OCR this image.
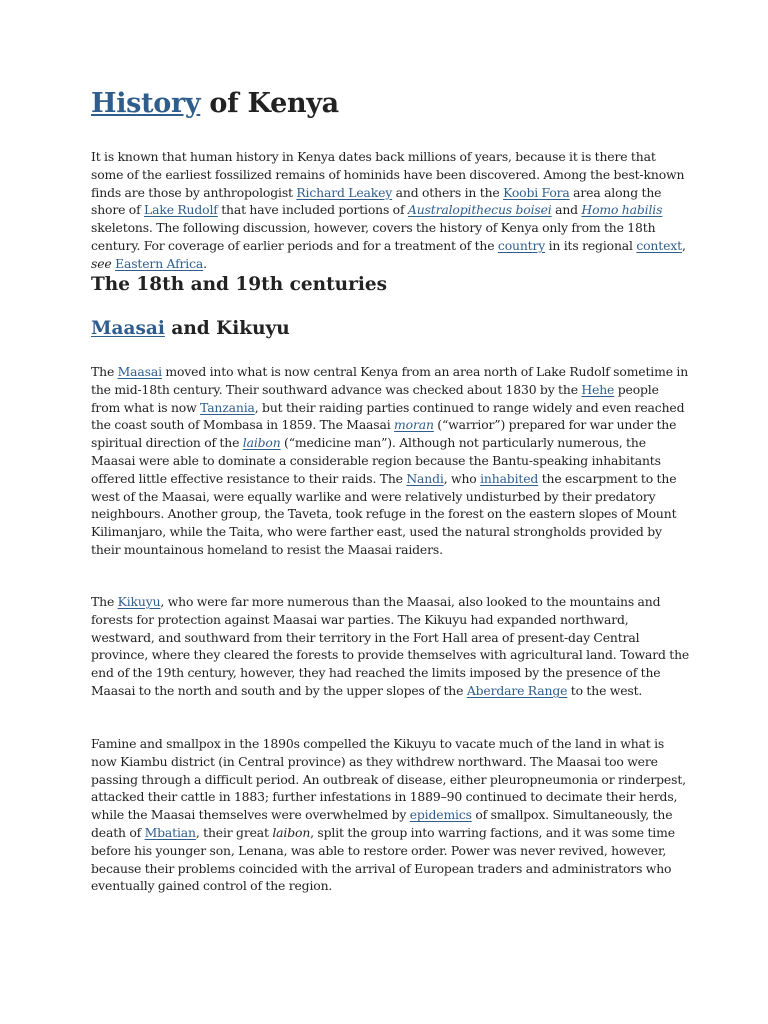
History of Kenya

It is known that human history in Kenya dates back millions of years, because it is there that some of the earliest fossilized remains of hominids have been discovered. Among the best-known finds are those by anthropologist Richard Leakey and others in the Koobi Fora area along the shore of Lake Rudolf that have included portions of Australopithecus boisei and Homo habilis skeletons. The following discussion, however, covers the history of Kenya only from the 18th century. For coverage of earlier periods and for a treatment of the country in its regional context, see Eastern Africa.

The 18th and 19th centuries
Maasai and Kikuyu

The Maasai moved into what is now central Kenya from an area north of Lake Rudolf sometime in the mid-18th century. Their southward advance was checked about 1830 by the Hehe people from what is now Tanzania, but their raiding parties continued to range widely and even reached the coast south of Mombasa in 1859. The Maasai moran (“warrior”) prepared for war under the spiritual direction of the laibon (“medicine man”). Although not particularly numerous, the Maasai were able to dominate a considerable region because the Bantu-speaking inhabitants offered little effective resistance to their raids. The Nandi, who inhabited the escarpment to the west of the Maasai, were equally warlike and were relatively undisturbed by their predatory neighbours. Another group, the Taveta, took refuge in the forest on the eastern slopes of Mount Kilimanjaro, while the Taita, who were farther east, used the natural strongholds provided by their mountainous homeland to resist the Maasai raiders.

The Kikuyu, who were far more numerous than the Maasai, also looked to the mountains and forests for protection against Maasai war parties. The Kikuyu had expanded northward, westward, and southward from their territory in the Fort Hall area of present-day Central province, where they cleared the forests to provide themselves with agricultural land. Toward the end of the 19th century, however, they had reached the limits imposed by the presence of the Maasai to the north and south and by the upper slopes of the Aberdare Range to the west.

Famine and smallpox in the 1890s compelled the Kikuyu to vacate much of the land in what is now Kiambu district (in Central province) as they withdrew northward. The Maasai too were passing through a difficult period. An outbreak of disease, either pleuropneumonia or rinderpest, attacked their cattle in 1883; further infestations in 1889–90 continued to decimate their herds, while the Maasai themselves were overwhelmed by epidemics of smallpox. Simultaneously, the death of Mbatian, their great laibon, split the group into warring factions, and it was some time before his younger son, Lenana, was able to restore order. Power was never revived, however, because their problems coincided with the arrival of European traders and administrators who eventually gained control of the region.
